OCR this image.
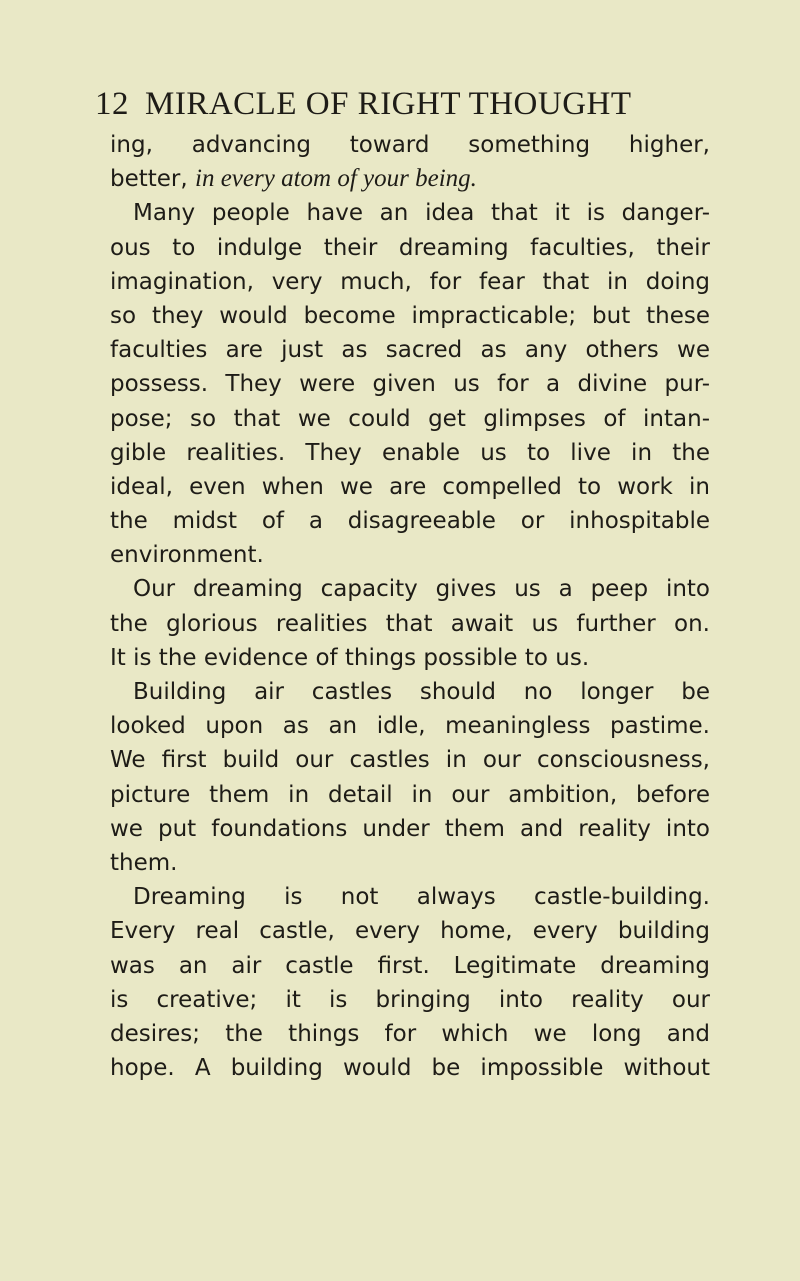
12 MIRACLE OF RIGHT THOUGHT
ing, advancing toward something higher,
better, in every atom of your being.
Many people have an idea that it is danger-
ous to indulge their dreaming faculties, their
imagination, very much, for fear that in doing
so they would become impracticable; but these
faculties are just as sacred as any others we
possess. They were given us for a divine pur-
pose; so that we could get glimpses of intan-
gible realities. They enable us to live in the
ideal, even when we are compelled to work in
the midst of a disagreeable or inhospitable
environment.
Our dreaming capacity gives us a peep into
the glorious realities that await us further on.
It is the evidence of things possible to us.
Building air castles should no longer be
looked upon as an idle, meaningless pastime.
We first build our castles in our consciousness,
picture them in detail in our ambition, before
we put foundations under them and reality into
them.
Dreaming is not always castle-building.
Every real castle, every home, every building
was an air castle first. Legitimate dreaming
is creative; it is bringing into reality our
desires; the things for which we long and
hope. A building would be impossible without
